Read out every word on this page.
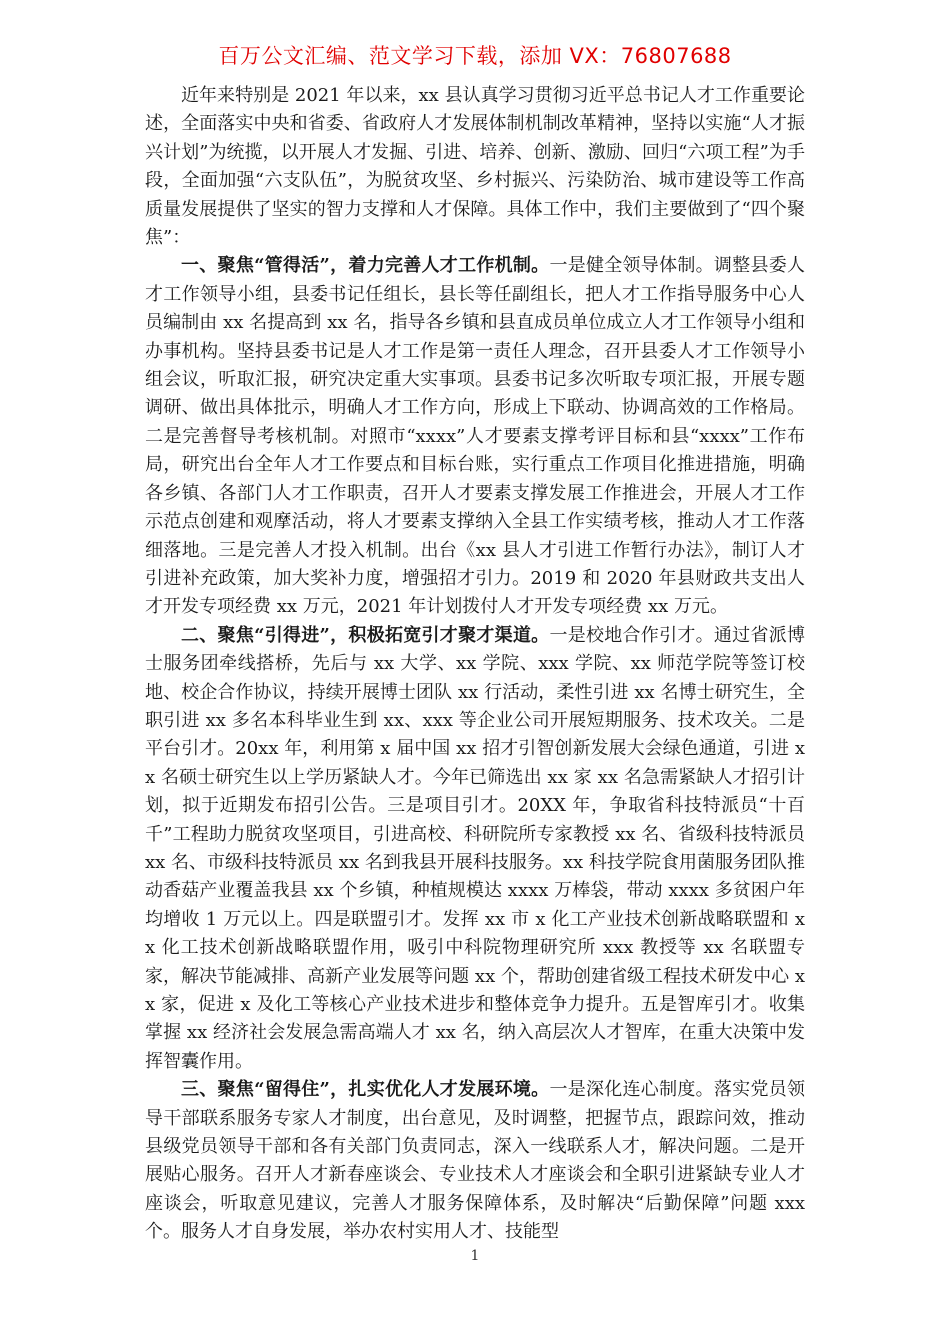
百万公文汇编、范文学习下载，添加 VX：76807688

近年来特别是 2021 年以来，xx 县认真学习贯彻习近平总书记人才工作重要论述，全面落实中央和省委、省政府人才发展体制机制改革精神，坚持以实施“人才振兴计划”为统揽，以开展人才发掘、引进、培养、创新、激励、回归“六项工程”为手段，全面加强“六支队伍”，为脱贫攻坚、乡村振兴、污染防治、城市建设等工作高质量发展提供了坚实的智力支撑和人才保障。具体工作中，我们主要做到了“四个聚焦”：

一、聚焦“管得活”，着力完善人才工作机制。一是健全领导体制。调整县委人才工作领导小组，县委书记任组长，县长等任副组长，把人才工作指导服务中心人员编制由 xx 名提高到 xx 名，指导各乡镇和县直成员单位成立人才工作领导小组和办事机构。坚持县委书记是人才工作是第一责任人理念，召开县委人才工作领导小组会议，听取汇报，研究决定重大实事项。县委书记多次听取专项汇报，开展专题调研、做出具体批示，明确人才工作方向，形成上下联动、协调高效的工作格局。二是完善督导考核机制。对照市“xxxx”人才要素支撑考评目标和县“xxxx”工作布局，研究出台全年人才工作要点和目标台账，实行重点工作项目化推进措施，明确各乡镇、各部门人才工作职责，召开人才要素支撑发展工作推进会，开展人才工作示范点创建和观摩活动，将人才要素支撑纳入全县工作实绩考核，推动人才工作落细落地。三是完善人才投入机制。出台《xx 县人才引进工作暂行办法》，制订人才引进补充政策，加大奖补力度，增强招才引力。2019 和 2020 年县财政共支出人才开发专项经费 xx 万元，2021 年计划拨付人才开发专项经费 xx 万元。

二、聚焦“引得进”，积极拓宽引才聚才渠道。一是校地合作引才。通过省派博士服务团牵线搭桥，先后与 xx 大学、xx 学院、xxx 学院、xx 师范学院等签订校地、校企合作协议，持续开展博士团队 xx 行活动，柔性引进 xx 名博士研究生，全职引进 xx 多名本科毕业生到 xx、xxx 等企业公司开展短期服务、技术攻关。二是平台引才。20xx 年，利用第 x 届中国 xx 招才引智创新发展大会绿色通道，引进 xx 名硕士研究生以上学历紧缺人才。今年已筛选出 xx 家 xx 名急需紧缺人才招引计划，拟于近期发布招引公告。三是项目引才。20XX 年，争取省科技特派员“十百千”工程助力脱贫攻坚项目，引进高校、科研院所专家教授 xx 名、省级科技特派员 xx 名、市级科技特派员 xx 名到我县开展科技服务。xx 科技学院食用菌服务团队推动香菇产业覆盖我县 xx 个乡镇，种植规模达 xxxx 万棒袋，带动 xxxx 多贫困户年均增收 1 万元以上。四是联盟引才。发挥 xx 市 x 化工产业技术创新战略联盟和 xx 化工技术创新战略联盟作用，吸引中科院物理研究所 xxx 教授等 xx 名联盟专家，解决节能减排、高新产业发展等问题 xx 个，帮助创建省级工程技术研发中心 xx 家，促进 x 及化工等核心产业技术进步和整体竞争力提升。五是智库引才。收集掌握 xx 经济社会发展急需高端人才 xx 名，纳入高层次人才智库，在重大决策中发挥智囊作用。

三、聚焦“留得住”，扎实优化人才发展环境。一是深化连心制度。落实党员领导干部联系服务专家人才制度，出台意见，及时调整，把握节点，跟踪问效，推动县级党员领导干部和各有关部门负责同志，深入一线联系人才，解决问题。二是开展贴心服务。召开人才新春座谈会、专业技术人才座谈会和全职引进紧缺专业人才座谈会，听取意见建议，完善人才服务保障体系，及时解决“后勤保障”问题 xxx 个。服务人才自身发展，举办农村实用人才、技能型

1
